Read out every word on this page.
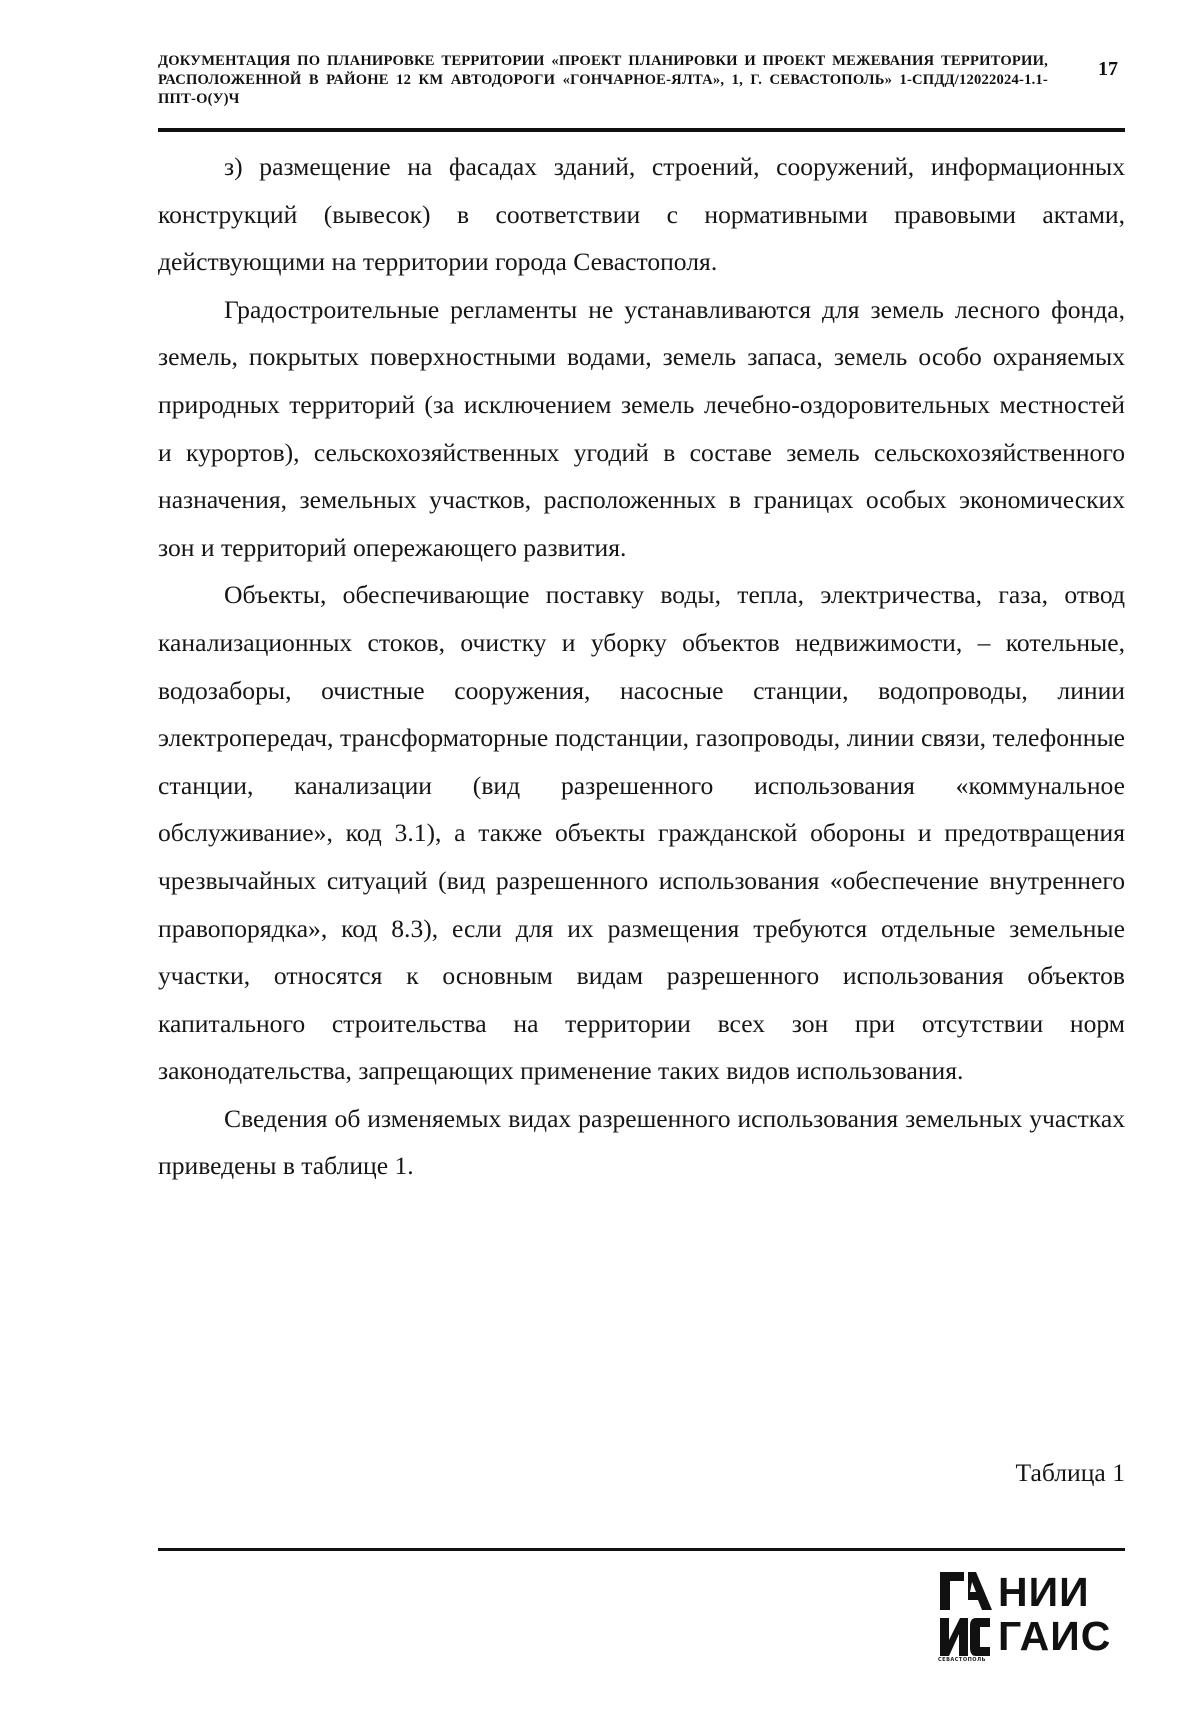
ДОКУМЕНТАЦИЯ ПО ПЛАНИРОВКЕ ТЕРРИТОРИИ «ПРОЕКТ ПЛАНИРОВКИ И ПРОЕКТ МЕЖЕВАНИЯ ТЕРРИТОРИИ, РАСПОЛОЖЕННОЙ В РАЙОНЕ 12 КМ АВТОДОРОГИ «ГОНЧАРНОЕ-ЯЛТА», 1, Г. СЕВАСТОПОЛЬ» 1-СПДД/12022024-1.1-ППТ-О(У)Ч

17

з) размещение на фасадах зданий, строений, сооружений, информационных конструкций (вывесок) в соответствии с нормативными правовыми актами, действующими на территории города Севастополя.

Градостроительные регламенты не устанавливаются для земель лесного фонда, земель, покрытых поверхностными водами, земель запаса, земель особо охраняемых природных территорий (за исключением земель лечебно-оздоровительных местностей и курортов), сельскохозяйственных угодий в составе земель сельскохозяйственного назначения, земельных участков, расположенных в границах особых экономических зон и территорий опережающего развития.

Объекты, обеспечивающие поставку воды, тепла, электричества, газа, отвод канализационных стоков, очистку и уборку объектов недвижимости, – котельные, водозаборы, очистные сооружения, насосные станции, водопроводы, линии электропередач, трансформаторные подстанции, газопроводы, линии связи, телефонные станции, канализации (вид разрешенного использования «коммунальное обслуживание», код 3.1), а также объекты гражданской обороны и предотвращения чрезвычайных ситуаций (вид разрешенного использования «обеспечение внутреннего правопорядка», код 8.3), если для их размещения требуются отдельные земельные участки, относятся к основным видам разрешенного использования объектов капитального строительства на территории всех зон при отсутствии норм законодательства, запрещающих применение таких видов использования.

Сведения об изменяемых видах разрешенного использования земельных участках приведены в таблице 1.

Таблица 1
НИИ
ГАИС
СЕВАСТОПОЛЬ
